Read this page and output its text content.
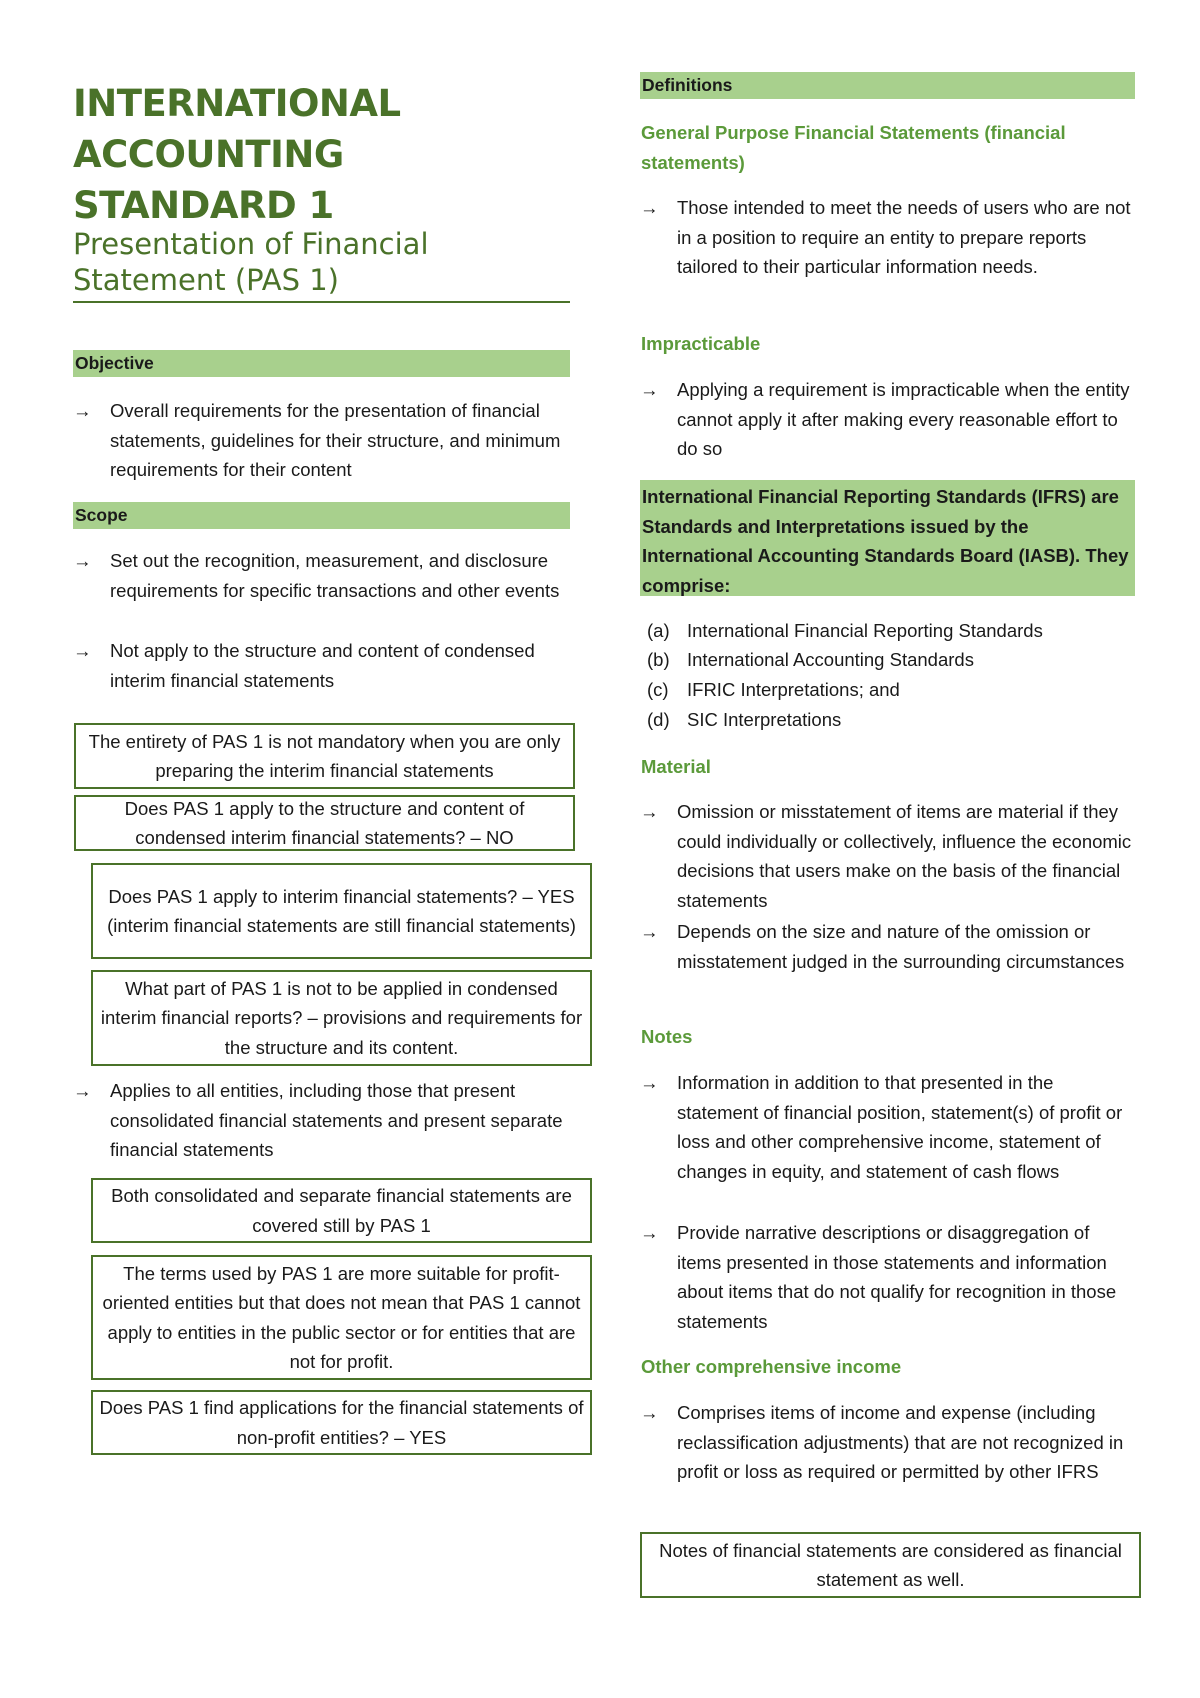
INTERNATIONAL
ACCOUNTING
STANDARD 1
Presentation of Financial
Statement (PAS 1)
Objective
→	Overall requirements for the presentation of financial statements, guidelines for their structure, and minimum requirements for their content
Scope
→	Set out the recognition, measurement, and disclosure requirements for specific transactions and other events
→	Not apply to the structure and content of condensed interim financial statements
The entirety of PAS 1 is not mandatory when you are only preparing the interim financial statements
Does PAS 1 apply to the structure and content of condensed interim financial statements? – NO
Does PAS 1 apply to interim financial statements? – YES (interim financial statements are still financial statements)
What part of PAS 1 is not to be applied in condensed interim financial reports? – provisions and requirements for the structure and its content.
→	Applies to all entities, including those that present consolidated financial statements and present separate financial statements
Both consolidated and separate financial statements are covered still by PAS 1
The terms used by PAS 1 are more suitable for profit-oriented entities but that does not mean that PAS 1 cannot apply to entities in the public sector or for entities that are not for profit.
Does PAS 1 find applications for the financial statements of non-profit entities? – YES
Definitions
General Purpose Financial Statements (financial statements)
→	Those intended to meet the needs of users who are not in a position to require an entity to prepare reports tailored to their particular information needs.
Impracticable
→	Applying a requirement is impracticable when the entity cannot apply it after making every reasonable effort to do so
International Financial Reporting Standards (IFRS) are Standards and Interpretations issued by the International Accounting Standards Board (IASB). They comprise:
(a) International Financial Reporting Standards
(b) International Accounting Standards
(c) IFRIC Interpretations; and
(d) SIC Interpretations
Material
→	Omission or misstatement of items are material if they could individually or collectively, influence the economic decisions that users make on the basis of the financial statements
→	Depends on the size and nature of the omission or misstatement judged in the surrounding circumstances
Notes
→	Information in addition to that presented in the statement of financial position, statement(s) of profit or loss and other comprehensive income, statement of changes in equity, and statement of cash flows
→	Provide narrative descriptions or disaggregation of items presented in those statements and information about items that do not qualify for recognition in those statements
Other comprehensive income
→	Comprises items of income and expense (including reclassification adjustments) that are not recognized in profit or loss as required or permitted by other IFRS
Notes of financial statements are considered as financial statement as well.
